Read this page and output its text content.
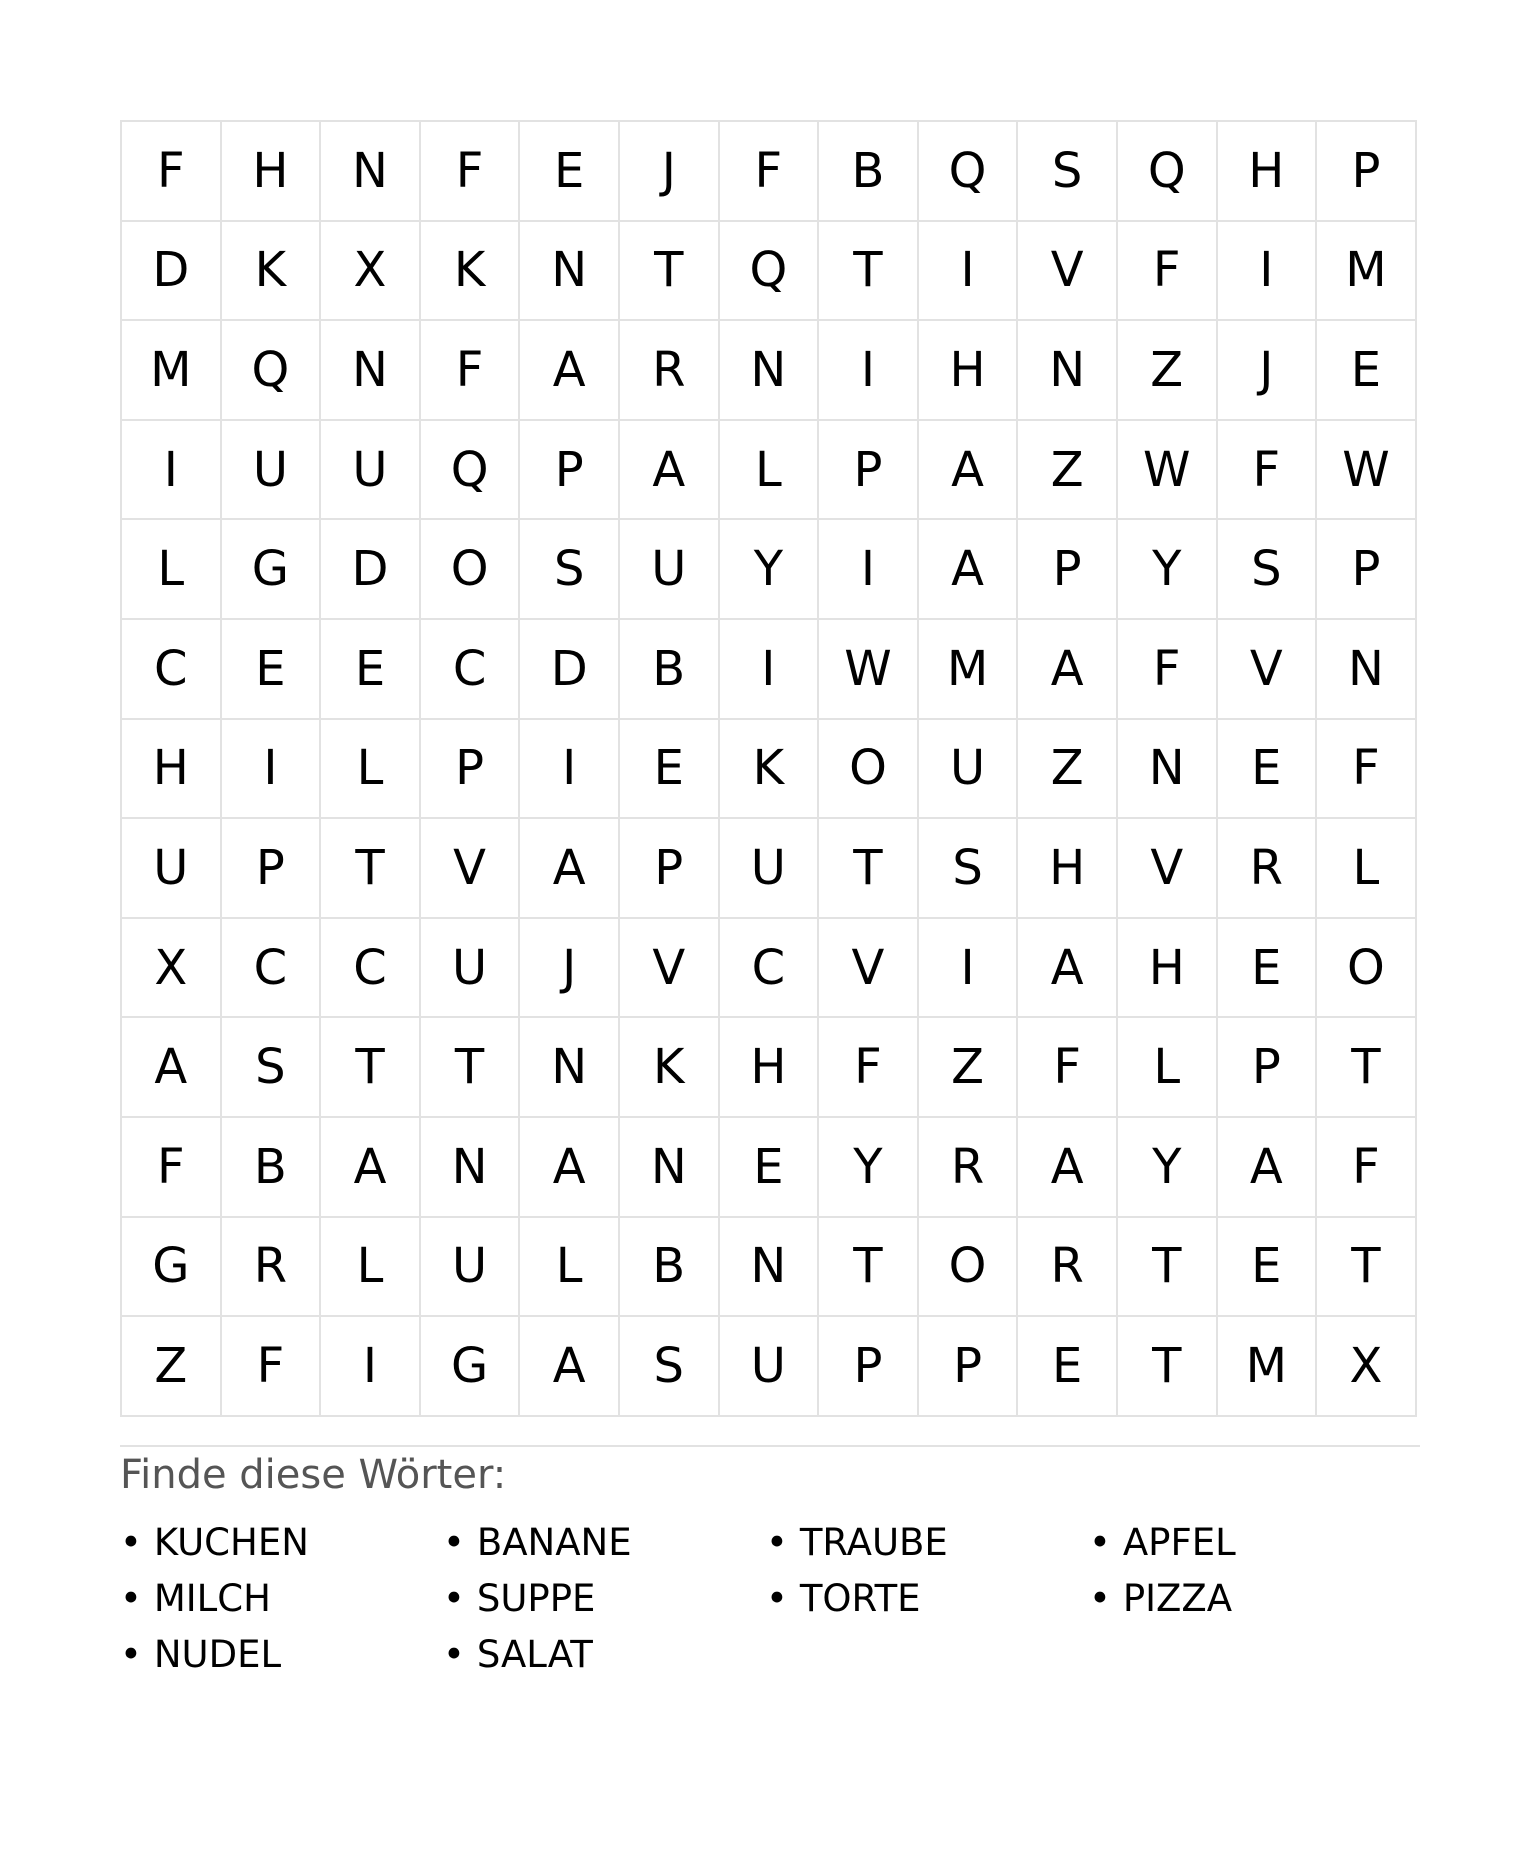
F	H	N	F	E	J	F	B	Q	S	Q	H	P
D	K	X	K	N	T	Q	T	I	V	F	I	M
M	Q	N	F	A	R	N	I	H	N	Z	J	E
I	U	U	Q	P	A	L	P	A	Z	W	F	W
L	G	D	O	S	U	Y	I	A	P	Y	S	P
C	E	E	C	D	B	I	W	M	A	F	V	N
H	I	L	P	I	E	K	O	U	Z	N	E	F
U	P	T	V	A	P	U	T	S	H	V	R	L
X	C	C	U	J	V	C	V	I	A	H	E	O
A	S	T	T	N	K	H	F	Z	F	L	P	T
F	B	A	N	A	N	E	Y	R	A	Y	A	F
G	R	L	U	L	B	N	T	O	R	T	E	T
Z	F	I	G	A	S	U	P	P	E	T	M	X
Finde diese Wörter:
• KUCHEN	• BANANE	• TRAUBE	• APFEL
• MILCH	• SUPPE	• TORTE	• PIZZA
• NUDEL	• SALAT
